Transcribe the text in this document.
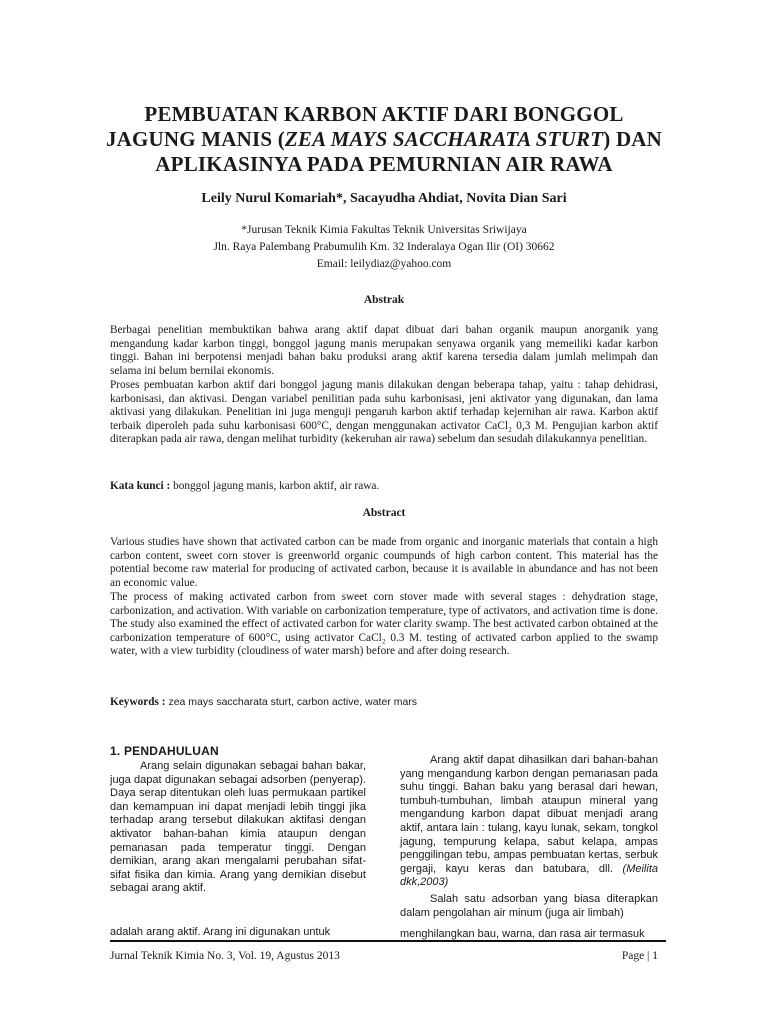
PEMBUATAN KARBON AKTIF DARI BONGGOL
JAGUNG MANIS (ZEA MAYS SACCHARATA STURT) DAN
APLIKASINYA PADA PEMURNIAN AIR RAWA
Leily Nurul Komariah*, Sacayudha Ahdiat, Novita Dian Sari
*Jurusan Teknik Kimia Fakultas Teknik Universitas Sriwijaya
Jln. Raya Palembang Prabumulih Km. 32 Inderalaya Ogan Ilir (OI) 30662
Email: leilydiaz@yahoo.com
Abstrak

Berbagai penelitian membuktikan bahwa arang aktif dapat dibuat dari bahan organik maupun anorganik yang mengandung kadar karbon tinggi, bonggol jagung manis merupakan senyawa organik yang memeiliki kadar karbon tinggi. Bahan ini berpotensi menjadi bahan baku produksi arang aktif karena tersedia dalam jumlah melimpah dan selama ini belum bernilai ekonomis.

Proses pembuatan karbon aktif dari bonggol jagung manis dilakukan dengan beberapa tahap, yaitu : tahap dehidrasi, karbonisasi, dan aktivasi. Dengan variabel penilitian pada suhu karbonisasi, jeni aktivator yang digunakan, dan lama aktivasi yang dilakukan. Penelitian ini juga menguji pengaruh karbon aktif terhadap kejernihan air rawa. Karbon aktif terbaik diperoleh pada suhu karbonisasi 600°C, dengan menggunakan activator CaCl₂ 0,3 M. Pengujian karbon aktif diterapkan pada air rawa, dengan melihat turbidity (kekeruhan air rawa) sebelum dan sesudah dilakukannya penelitian.

Kata kunci : bonggol jagung manis, karbon aktif, air rawa.
Abstract

Various studies have shown that activated carbon can be made from organic and inorganic materials that contain a high carbon content, sweet corn stover is greenworld organic coumpunds of high carbon content. This material has the potential become raw material for producing of activated carbon, because it is available in abundance and has not been an economic value.

The process of making activated carbon from sweet corn stover made with several stages : dehydration stage, carbonization, and activation. With variable on carbonization temperature, type of activators, and activation time is done. The study also examined the effect of activated carbon for water clarity swamp. The best activated carbon obtained at the carbonization temperature of 600°C, using activator CaCl₂ 0.3 M. testing of activated carbon applied to the swamp water, with a view turbidity (cloudiness of water marsh) before and after doing research.

Keywords : zea mays saccharata sturt, carbon active, water mars
1. PENDAHULUAN

Arang selain digunakan sebagai bahan bakar, juga dapat digunakan sebagai adsorben (penyerap). Daya serap ditentukan oleh luas permukaan partikel dan kemampuan ini dapat menjadi lebih tinggi jika terhadap arang tersebut dilakukan aktifasi dengan aktivator bahan-bahan kimia ataupun dengan pemanasan pada temperatur tinggi. Dengan demikian, arang akan mengalami perubahan sifat-sifat fisika dan kimia. Arang yang demikian disebut sebagai arang aktif.

adalah arang aktif. Arang ini digunakan untuk

Arang aktif dapat dihasilkan dari bahan-bahan yang mengandung karbon dengan pemanasan pada suhu tinggi. Bahan baku yang berasal dari hewan, tumbuh-tumbuhan, limbah ataupun mineral yang mengandung karbon dapat dibuat menjadi arang aktif, antara lain : tulang, kayu lunak, sekam, tongkol jagung, tempurung kelapa, sabut kelapa, ampas penggilingan tebu, ampas pembuatan kertas, serbuk gergaji, kayu keras dan batubara, dll. (Meilita dkk,2003)

Salah satu adsorban yang biasa diterapkan dalam pengolahan air minum (juga air limbah)

menghilangkan bau, warna, dan rasa air termasuk

Jurnal Teknik Kimia No. 3, Vol. 19, Agustus 2013	Page | 1
